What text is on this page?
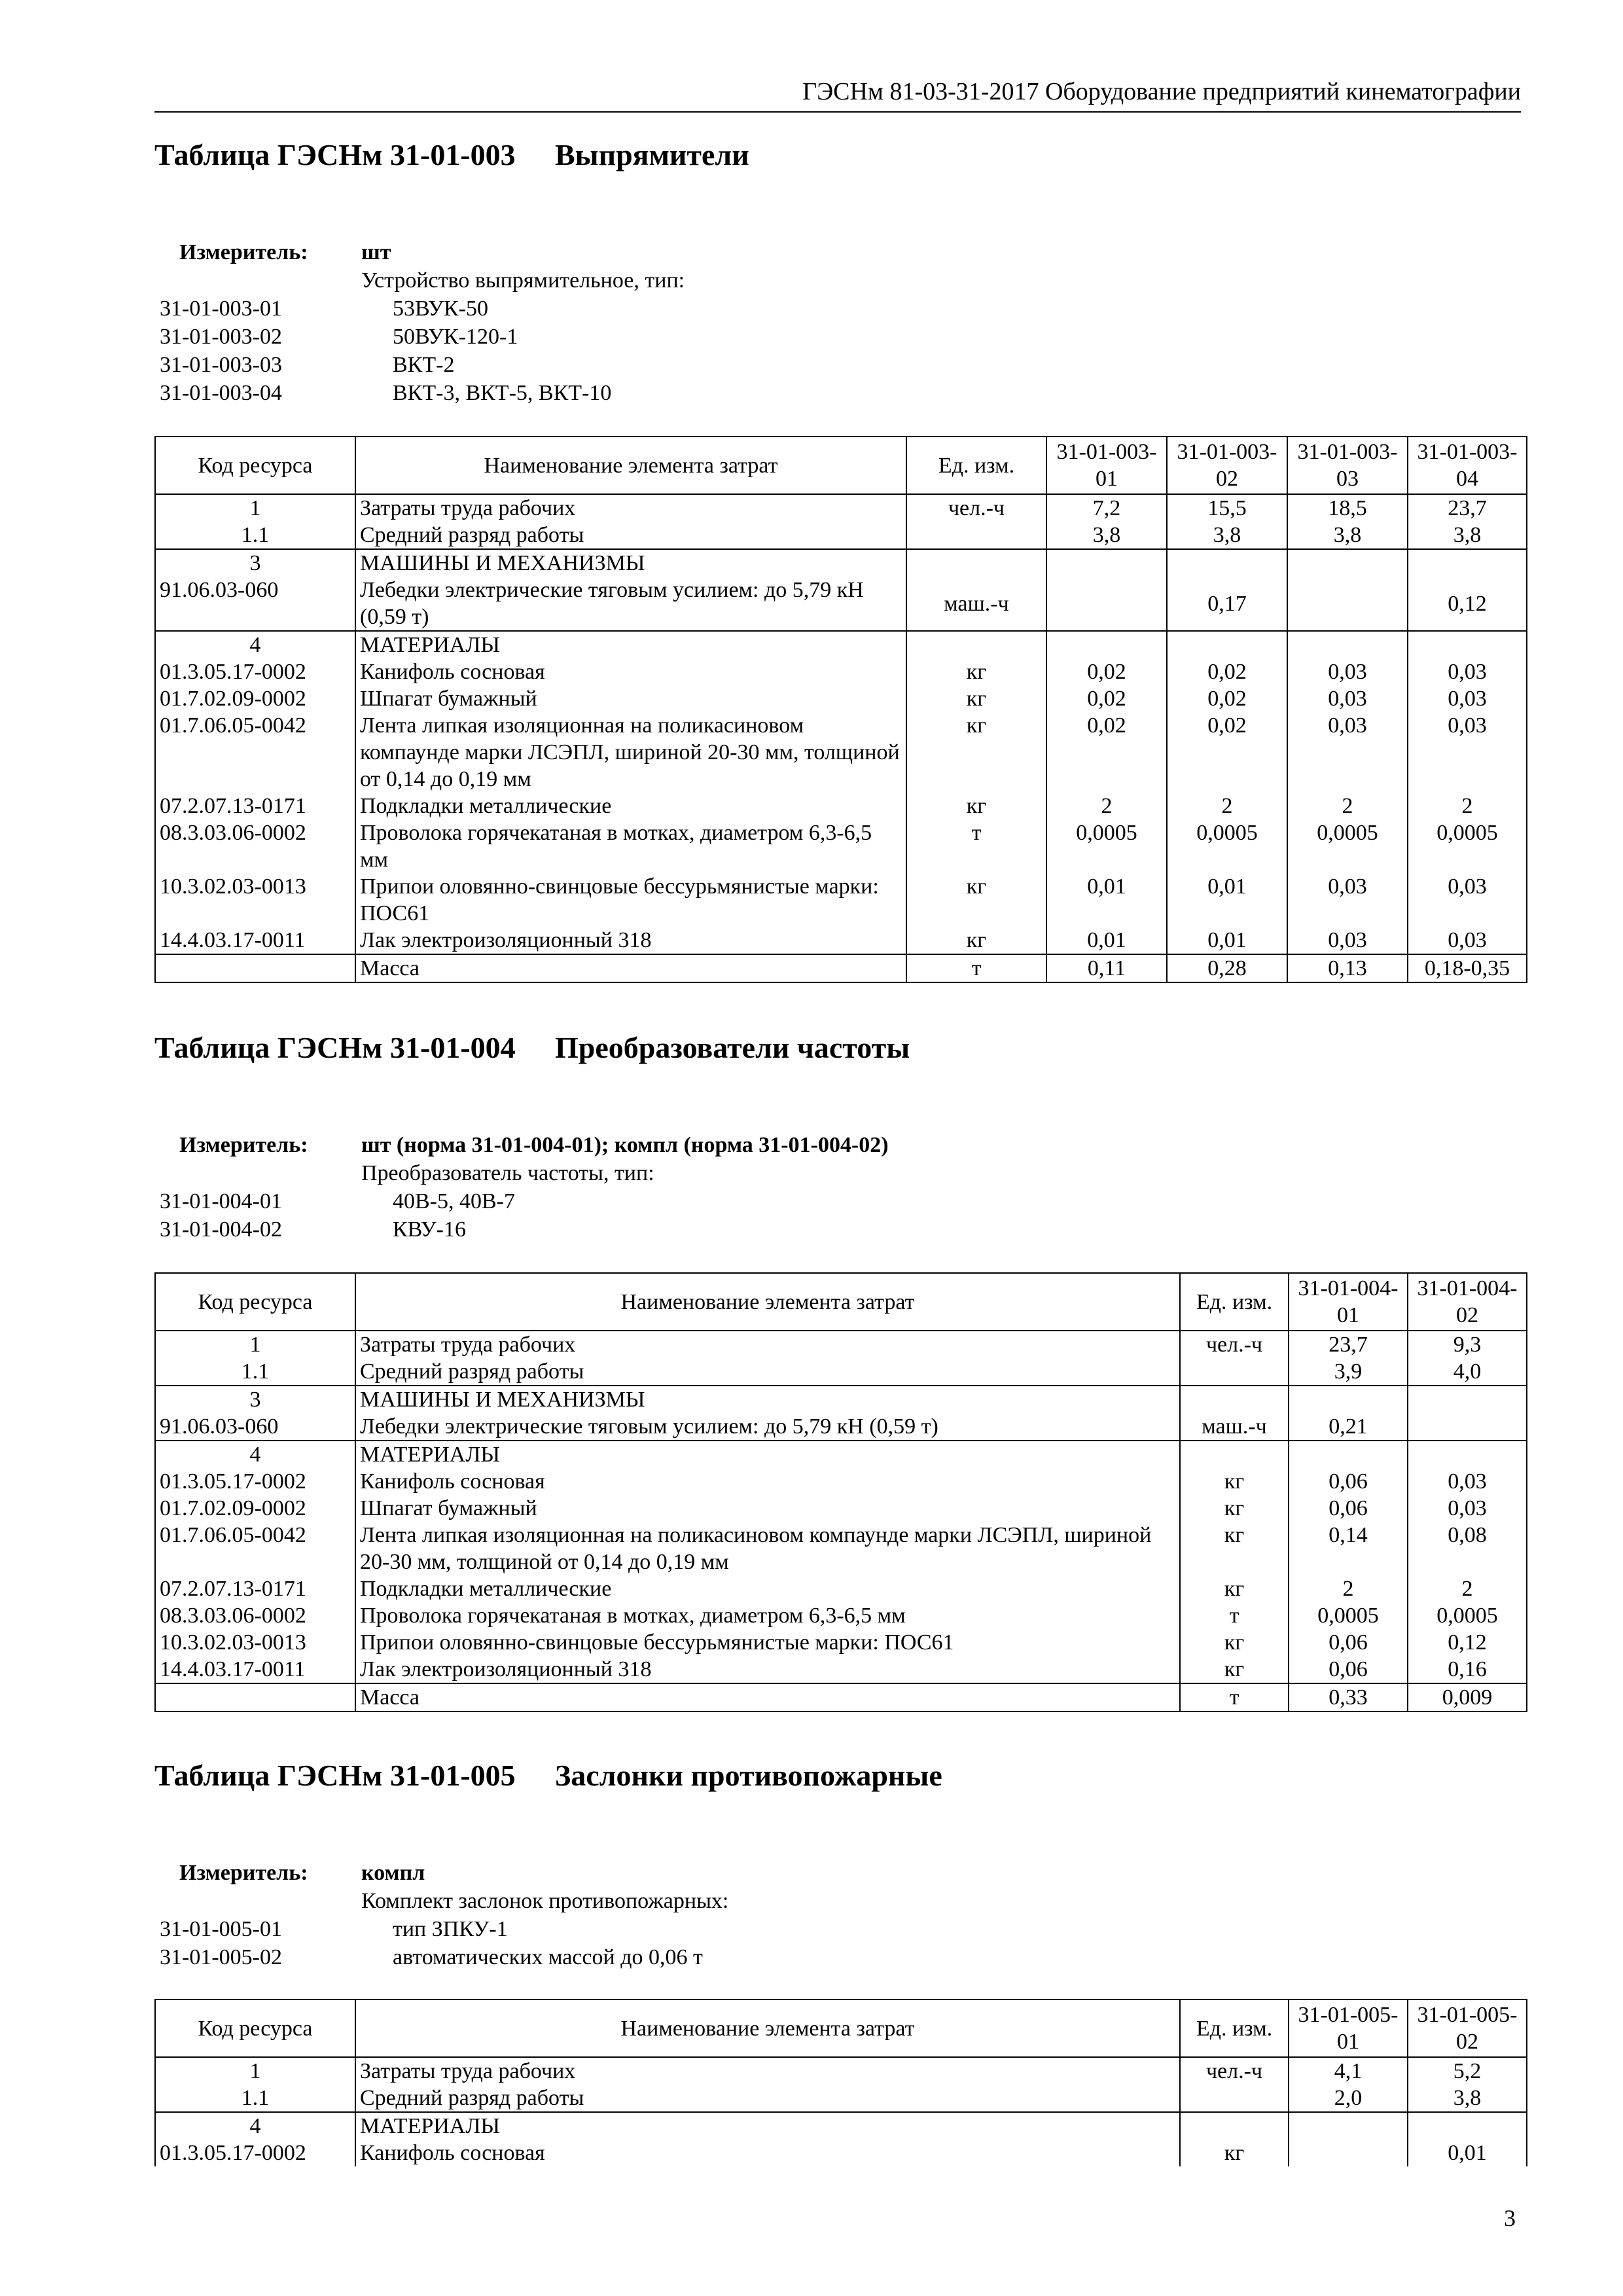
ГЭСНм 81-03-31-2017 Оборудование предприятий кинематографии
Таблица ГЭСНм 31-01-003 Выпрямители
Измеритель: шт
Устройство выпрямительное, тип:
31-01-003-01	53ВУК-50
31-01-003-02	50ВУК-120-1
31-01-003-03	ВКТ-2
31-01-003-04	ВКТ-3, ВКТ-5, ВКТ-10
Код ресурса	Наименование элемента затрат	Ед. изм.	31-01-003-01	31-01-003-02	31-01-003-03	31-01-003-04
1	Затраты труда рабочих	чел.-ч	7,2	15,5	18,5	23,7
1.1	Средний разряд работы		3,8	3,8	3,8	3,8
3	МАШИНЫ И МЕХАНИЗМЫ					
91.06.03-060	Лебедки электрические тяговым усилием: до 5,79 кН (0,59 т)	маш.-ч		0,17		0,12
4	МАТЕРИАЛЫ					
01.3.05.17-0002	Канифоль сосновая	кг	0,02	0,02	0,03	0,03
01.7.02.09-0002	Шпагат бумажный	кг	0,02	0,02	0,03	0,03
01.7.06.05-0042	Лента липкая изоляционная на поликасиновом компаунде марки ЛСЭПЛ, шириной 20-30 мм, толщиной от 0,14 до 0,19 мм	кг	0,02	0,02	0,03	0,03
07.2.07.13-0171	Подкладки металлические	кг	2	2	2	2
08.3.03.06-0002	Проволока горячекатаная в мотках, диаметром 6,3-6,5 мм	т	0,0005	0,0005	0,0005	0,0005
10.3.02.03-0013	Припои оловянно-свинцовые бессурьмянистые марки: ПОС61	кг	0,01	0,01	0,03	0,03
14.4.03.17-0011	Лак электроизоляционный 318	кг	0,01	0,01	0,03	0,03
	Масса	т	0,11	0,28	0,13	0,18-0,35
Таблица ГЭСНм 31-01-004 Преобразователи частоты
Измеритель: шт (норма 31-01-004-01); компл (норма 31-01-004-02)
Преобразователь частоты, тип:
31-01-004-01	40В-5, 40В-7
31-01-004-02	КВУ-16
Код ресурса	Наименование элемента затрат	Ед. изм.	31-01-004-01	31-01-004-02
1	Затраты труда рабочих	чел.-ч	23,7	9,3
1.1	Средний разряд работы		3,9	4,0
3	МАШИНЫ И МЕХАНИЗМЫ			
91.06.03-060	Лебедки электрические тяговым усилием: до 5,79 кН (0,59 т)	маш.-ч	0,21	
4	МАТЕРИАЛЫ			
01.3.05.17-0002	Канифоль сосновая	кг	0,06	0,03
01.7.02.09-0002	Шпагат бумажный	кг	0,06	0,03
01.7.06.05-0042	Лента липкая изоляционная на поликасиновом компаунде марки ЛСЭПЛ, шириной 20-30 мм, толщиной от 0,14 до 0,19 мм	кг	0,14	0,08
07.2.07.13-0171	Подкладки металлические	кг	2	2
08.3.03.06-0002	Проволока горячекатаная в мотках, диаметром 6,3-6,5 мм	т	0,0005	0,0005
10.3.02.03-0013	Припои оловянно-свинцовые бессурьмянистые марки: ПОС61	кг	0,06	0,12
14.4.03.17-0011	Лак электроизоляционный 318	кг	0,06	0,16
	Масса	т	0,33	0,009
Таблица ГЭСНм 31-01-005 Заслонки противопожарные
Измеритель: компл
Комплект заслонок противопожарных:
31-01-005-01	тип ЗПКУ-1
31-01-005-02	автоматических массой до 0,06 т
Код ресурса	Наименование элемента затрат	Ед. изм.	31-01-005-01	31-01-005-02
1	Затраты труда рабочих	чел.-ч	4,1	5,2
1.1	Средний разряд работы		2,0	3,8
4	МАТЕРИАЛЫ			
01.3.05.17-0002	Канифоль сосновая	кг		0,01
3
